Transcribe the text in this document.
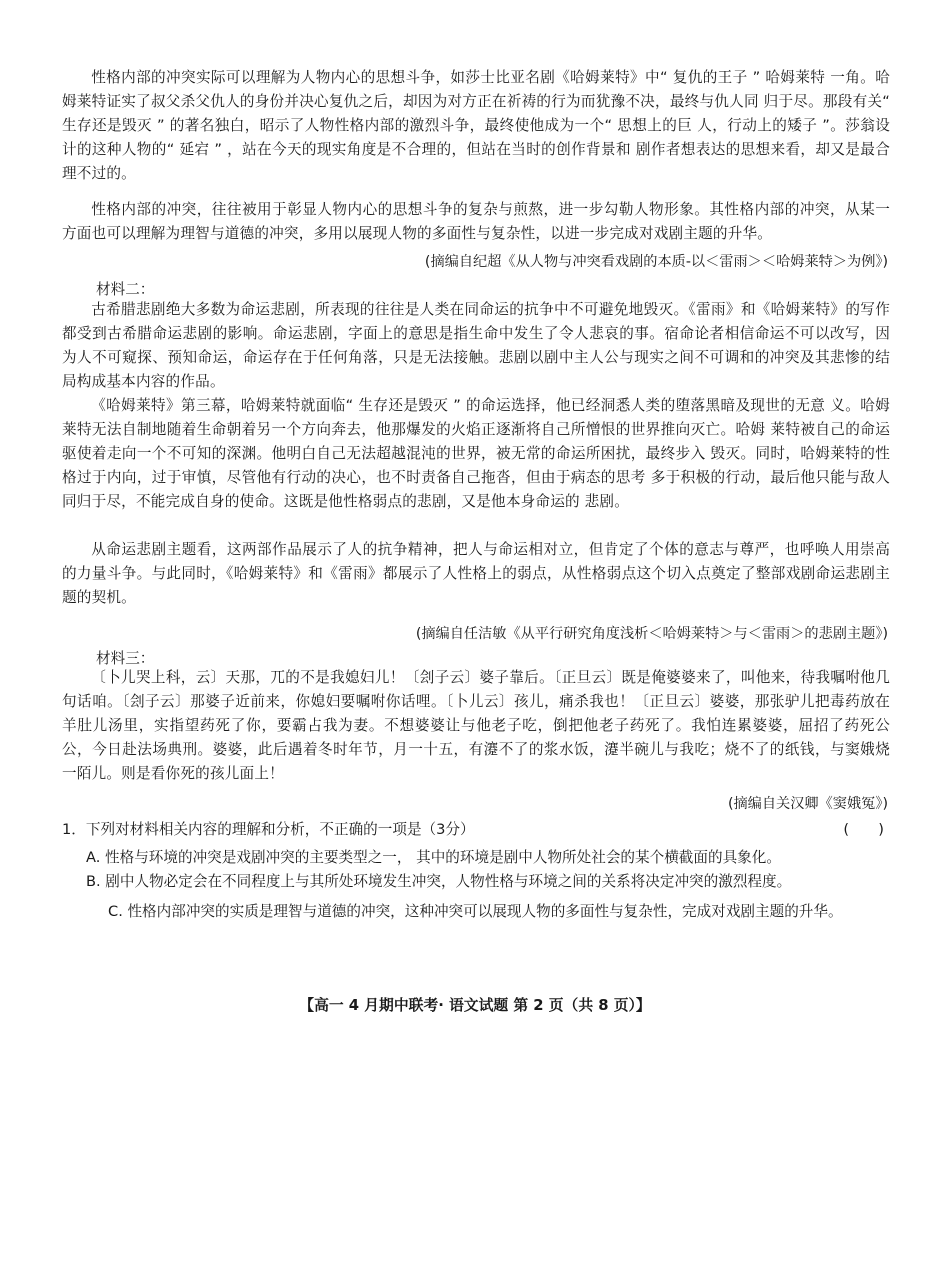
性格内部的冲突实际可以理解为人物内心的思想斗争，如莎士比亚名剧《哈姆莱特》中“ 复仇的王子 ” 哈姆莱特 一角。哈姆莱特证实了叔父杀父仇人的身份并决心复仇之后，却因为对方正在祈祷的行为而犹豫不决，最终与仇人同 归于尽。那段有关“ 生存还是毁灭 ” 的著名独白，昭示了人物性格内部的激烈斗争，最终使他成为一个“ 思想上的巨 人，行动上的矮子 ”。莎翁设计的这种人物的“ 延宕 ” ，站在今天的现实角度是不合理的，但站在当时的创作背景和 剧作者想表达的思想来看，却又是最合理不过的。
性格内部的冲突，往往被用于彰显人物内心的思想斗争的复杂与煎熬，进一步勾勒人物形象。其性格内部的冲突，从某一方面也可以理解为理智与道德的冲突，多用以展现人物的多面性与复杂性，以进一步完成对戏剧主题的升华。
(摘编自纪超《从人物与冲突看戏剧的本质-以＜雷雨＞＜哈姆莱特＞为例》)
材料二：
古希腊悲剧绝大多数为命运悲剧，所表现的往往是人类在同命运的抗争中不可避免地毁灭。《雷雨》和《哈姆莱特》的写作都受到古希腊命运悲剧的影响。命运悲剧，字面上的意思是指生命中发生了令人悲哀的事。宿命论者相信命运不可以改写，因为人不可窥探、预知命运，命运存在于任何角落，只是无法接触。悲剧以剧中主人公与现实之间不可调和的冲突及其悲惨的结局构成基本内容的作品。
《哈姆莱特》第三幕，哈姆莱特就面临“ 生存还是毁灭 ” 的命运选择，他已经洞悉人类的堕落黑暗及现世的无意 义。哈姆莱特无法自制地随着生命朝着另一个方向奔去，他那爆发的火焰正逐渐将自己所憎恨的世界推向灭亡。哈姆 莱特被自己的命运驱使着走向一个不可知的深渊。他明白自己无法超越混沌的世界，被无常的命运所困扰，最终步入 毁灭。同时，哈姆莱特的性格过于内向，过于审慎，尽管他有行动的决心，也不时责备自己拖沓，但由于病态的思考 多于积极的行动，最后他只能与敌人同归于尽，不能完成自身的使命。这既是他性格弱点的悲剧，又是他本身命运的 悲剧。
从命运悲剧主题看，这两部作品展示了人的抗争精神，把人与命运相对立，但肯定了个体的意志与尊严，也呼唤人用崇高的力量斗争。与此同时，《哈姆莱特》和《雷雨》都展示了人性格上的弱点，从性格弱点这个切入点奠定了整部戏剧命运悲剧主题的契机。
(摘编自任洁敏《从平行研究角度浅析＜哈姆莱特＞与＜雷雨＞的悲剧主题》)
材料三：
〔卜儿哭上科，云〕天那，兀的不是我媳妇儿！〔刽子云〕婆子靠后。〔正旦云〕既是俺婆婆来了，叫他来，待我嘱咐他几句话咱。〔刽子云〕那婆子近前来，你媳妇要嘱咐你话哩。〔卜儿云〕孩儿，痛杀我也！〔正旦云〕婆婆，那张驴儿把毒药放在羊肚儿汤里，实指望药死了你，要霸占我为妻。不想婆婆让与他老子吃，倒把他老子药死了。我怕连累婆婆，屈招了药死公公，今日赴法场典刑。婆婆，此后遇着冬时年节，月一十五，有瀽不了的浆水饭，瀽半碗儿与我吃；烧不了的纸钱，与窦娥烧一陌儿。则是看你死的孩儿面上！
(摘编自关汉卿《窦娥冤》)
1．下列对材料相关内容的理解和分析，不正确的一项是（3分）	(　　)
A. 性格与环境的冲突是戏剧冲突的主要类型之一， 其中的环境是剧中人物所处社会的某个横截面的具象化。
B. 剧中人物必定会在不同程度上与其所处环境发生冲突，人物性格与环境之间的关系将决定冲突的激烈程度。
C. 性格内部冲突的实质是理智与道德的冲突，这种冲突可以展现人物的多面性与复杂性，完成对戏剧主题的升华。
【高一 4 月期中联考· 语文试题 第 2 页（共 8 页）】
